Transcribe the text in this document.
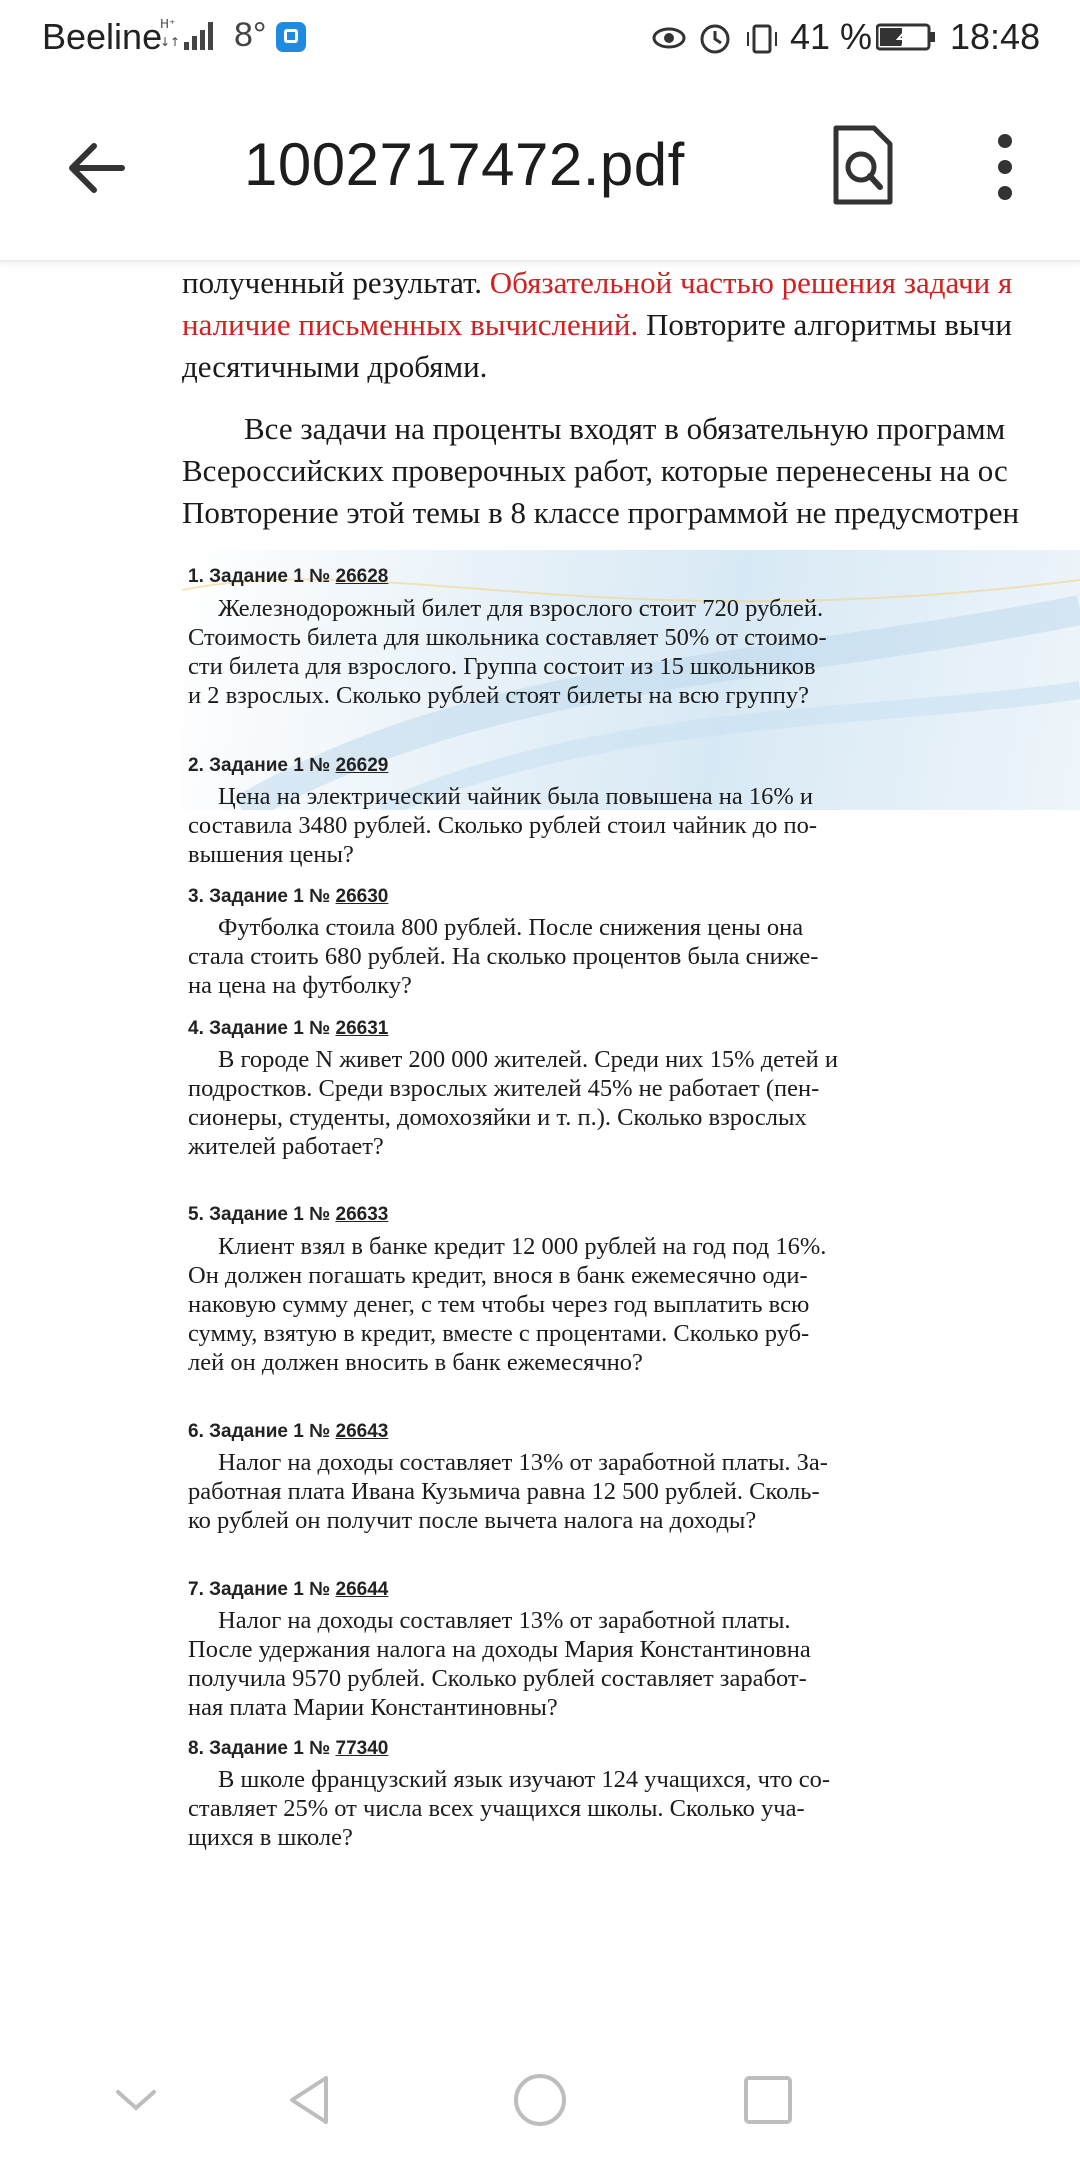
Beeline
H⁺
↓↑ 8°	41 % 18:48
1002717472.pdf
полученный результат. Обязательной частью решения задачи я
наличие письменных вычислений. Повторите алгоритмы вычи
десятичными дробями.
Все задачи на проценты входят в обязательную программ
Всероссийских проверочных работ, которые перенесены на ос
Повторение этой темы в 8 классе программой не предусмотрен
1. Задание 1 № 26628
Железнодорожный билет для взрослого стоит 720 рублей.
Стоимость билета для школьника составляет 50% от стоимо-
сти билета для взрослого. Группа состоит из 15 школьников
и 2 взрослых. Сколько рублей стоят билеты на всю группу?
2. Задание 1 № 26629
Цена на электрический чайник была повышена на 16% и
составила 3480 рублей. Сколько рублей стоил чайник до по-
вышения цены?
3. Задание 1 № 26630
Футболка стоила 800 рублей. После снижения цены она
стала стоить 680 рублей. На сколько процентов была сниже-
на цена на футболку?
4. Задание 1 № 26631
В городе N живет 200 000 жителей. Среди них 15% детей и
подростков. Среди взрослых жителей 45% не работает (пен-
сионеры, студенты, домохозяйки и т. п.). Сколько взрослых
жителей работает?
5. Задание 1 № 26633
Клиент взял в банке кредит 12 000 рублей на год под 16%.
Он должен погашать кредит, внося в банк ежемесячно оди-
наковую сумму денег, с тем чтобы через год выплатить всю
сумму, взятую в кредит, вместе с процентами. Сколько руб-
лей он должен вносить в банк ежемесячно?
6. Задание 1 № 26643
Налог на доходы составляет 13% от заработной платы. За-
работная плата Ивана Кузьмича равна 12 500 рублей. Сколь-
ко рублей он получит после вычета налога на доходы?
7. Задание 1 № 26644
Налог на доходы составляет 13% от заработной платы.
После удержания налога на доходы Мария Константиновна
получила 9570 рублей. Сколько рублей составляет заработ-
ная плата Марии Константиновны?
8. Задание 1 № 77340
В школе французский язык изучают 124 учащихся, что со-
ставляет 25% от числа всех учащихся школы. Сколько уча-
щихся в школе?
